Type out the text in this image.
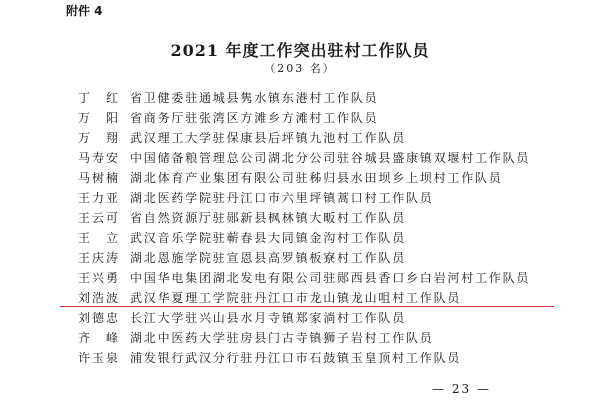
附件 4
2021 年度工作突出驻村工作队员
（203 名）
丁　红 省卫健委驻通城县隽水镇东港村工作队员
万　阳 省商务厅驻张湾区方滩乡方滩村工作队员
万　翔 武汉理工大学驻保康县后坪镇九池村工作队员
马寿安 中国储备粮管理总公司湖北分公司驻谷城县盛康镇双堰村工作队员
马树楠 湖北体育产业集团有限公司驻秭归县水田坝乡上坝村工作队员
王力亚 湖北医药学院驻丹江口市六里坪镇蒿口村工作队员
王云可 省自然资源厅驻郧新县枫林镇大畈村工作队员
王　立 武汉音乐学院驻蕲春县大同镇金沟村工作队员
王庆涛 湖北恩施学院驻宣恩县高罗镇板寮村工作队员
王兴勇 中国华电集团湖北发电有限公司驻郧西县香口乡白岩河村工作队员
刘浩波 武汉华夏理工学院驻丹江口市龙山镇龙山咀村工作队员
刘德忠 长江大学驻兴山县水月寺镇郑家淌村工作队员
齐　峰 湖北中医药大学驻房县门古寺镇狮子岩村工作队员
许玉泉 浦发银行武汉分行驻丹江口市石鼓镇玉皇顶村工作队员
— 23 —
